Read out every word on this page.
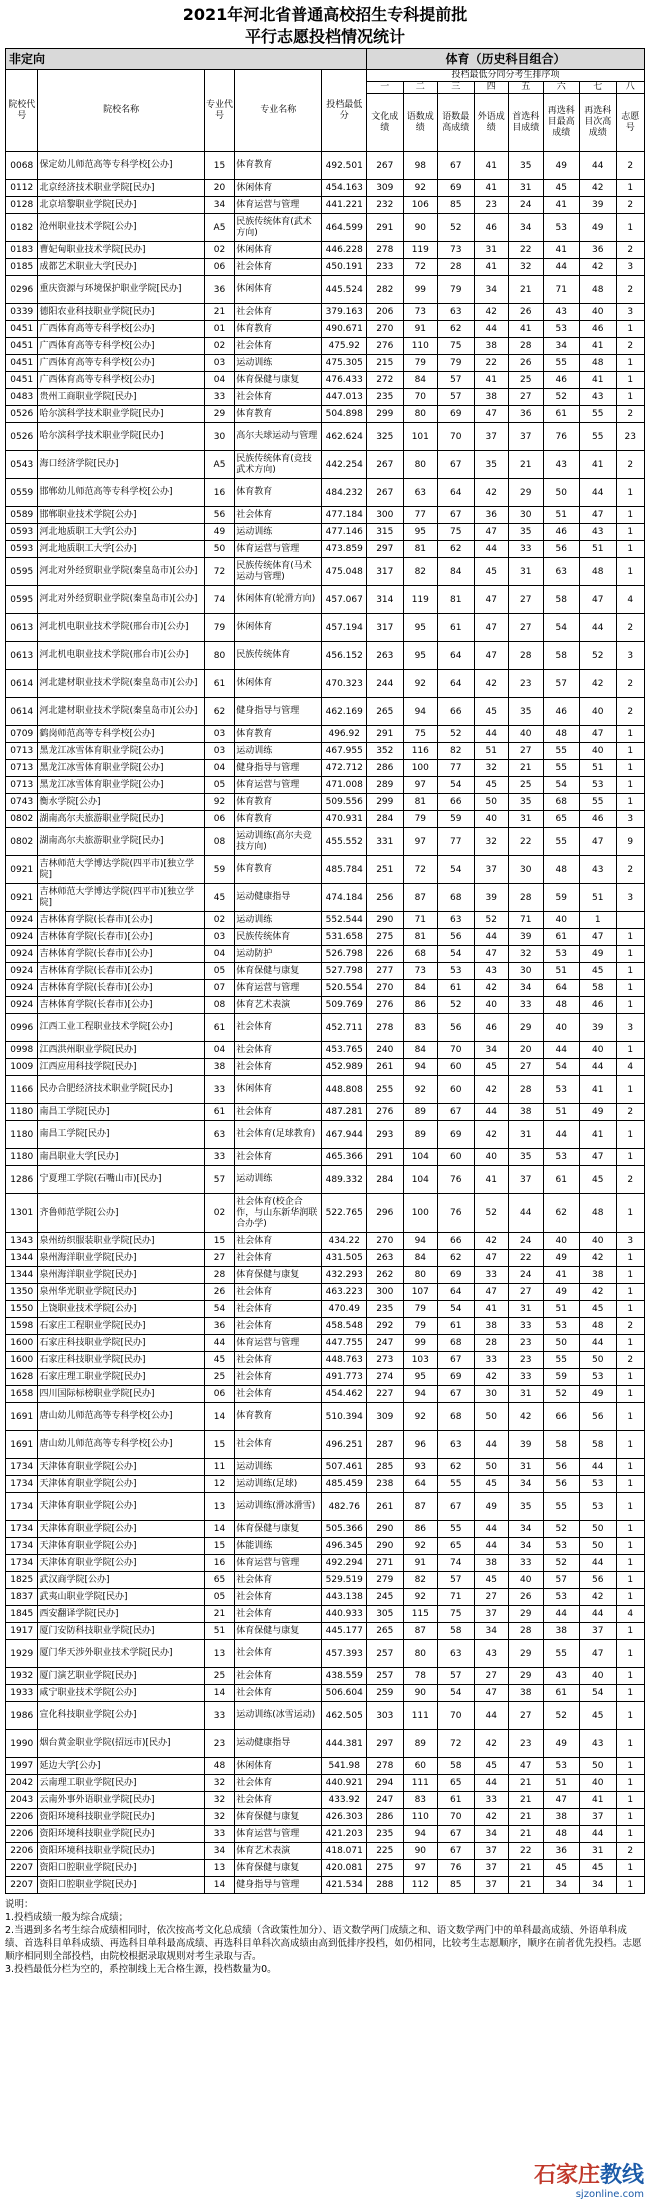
2021年河北省普通高校招生专科提前批
平行志愿投档情况统计
非定向					体育（历史科目组合）							
院校代号	院校名称	专业代号	专业名称	投档最低分	投档最低分同分考生排序项							
					一	二	三	四	五	六	七	八
					文化成绩	语数成绩	语数最高成绩	外语成绩	首选科目成绩	再选科目最高成绩	再选科目次高成绩	志愿号
0068	保定幼儿师范高等专科学校[公办]	15	体育教育	492.501	267	98	67	41	35	49	44	2
0112	北京经济技术职业学院[民办]	20	休闲体育	454.163	309	92	69	41	31	45	42	1
0128	北京培黎职业学院[民办]	34	体育运营与管理	441.221	232	106	85	23	24	41	39	2
0182	沧州职业技术学院[公办]	A5	民族传统体育(武术方向)	464.599	291	90	52	46	34	53	49	1
0183	曹妃甸职业技术学院[民办]	02	休闲体育	446.228	278	119	73	31	22	41	36	2
0185	成都艺术职业大学[民办]	06	社会体育	450.191	233	72	28	41	32	44	42	3
0296	重庆资源与环境保护职业学院[民办]	36	休闲体育	445.524	282	99	79	34	21	71	48	2
0339	德阳农业科技职业学院[民办]	21	社会体育	379.163	206	73	63	42	26	43	40	3
0451	广西体育高等专科学校[公办]	01	体育教育	490.671	270	91	62	44	41	53	46	1
0451	广西体育高等专科学校[公办]	02	社会体育	475.92	276	110	75	38	28	34	41	2
0451	广西体育高等专科学校[公办]	03	运动训练	475.305	215	79	79	22	26	55	48	1
0451	广西体育高等专科学校[公办]	04	体育保健与康复	476.433	272	84	57	41	25	46	41	1
0483	贵州工商职业学院[民办]	33	社会体育	447.013	235	70	57	38	27	52	43	1
0526	哈尔滨科学技术职业学院[民办]	29	体育教育	504.898	299	80	69	47	36	61	55	2
0526	哈尔滨科学技术职业学院[民办]	30	高尔夫球运动与管理	462.624	325	101	70	37	37	76	55	23
0543	海口经济学院[民办]	A5	民族传统体育(竞技武术方向)	442.254	267	80	67	35	21	43	41	2
0559	邯郸幼儿师范高等专科学校[公办]	16	体育教育	484.232	267	63	64	42	29	50	44	1
0589	邯郸职业技术学院[公办]	56	社会体育	477.184	300	77	67	36	30	51	47	1
0593	河北地质职工大学[公办]	49	运动训练	477.146	315	95	75	47	35	46	43	1
0593	河北地质职工大学[公办]	50	体育运营与管理	473.859	297	81	62	44	33	56	51	1
0595	河北对外经贸职业学院(秦皇岛市)[公办]	72	民族传统体育(马术运动与管理)	475.048	317	82	84	45	31	63	48	1
0595	河北对外经贸职业学院(秦皇岛市)[公办]	74	休闲体育(轮滑方向)	457.067	314	119	81	47	27	58	47	4
0613	河北机电职业技术学院(邢台市)[公办]	79	休闲体育	457.194	317	95	61	47	27	54	44	2
0613	河北机电职业技术学院(邢台市)[公办]	80	民族传统体育	456.152	263	95	64	47	28	58	52	3
0614	河北建材职业技术学院(秦皇岛市)[公办]	61	休闲体育	470.323	244	92	64	42	23	57	42	2
0614	河北建材职业技术学院(秦皇岛市)[公办]	62	健身指导与管理	462.169	265	94	66	45	35	46	40	2
0709	鹤岗师范高等专科学校[公办]	03	体育教育	496.92	291	75	52	44	40	48	47	1
0713	黑龙江冰雪体育职业学院[公办]	03	运动训练	467.955	352	116	82	51	27	55	40	1
0713	黑龙江冰雪体育职业学院[公办]	04	健身指导与管理	472.712	286	100	77	32	21	55	51	1
0713	黑龙江冰雪体育职业学院[公办]	05	体育运营与管理	471.008	289	97	54	45	25	54	53	1
0743	衡水学院[公办]	92	体育教育	509.556	299	81	66	50	35	68	55	1
0802	湖南高尔夫旅游职业学院[民办]	06	体育教育	470.931	284	79	59	40	31	65	46	3
0802	湖南高尔夫旅游职业学院[民办]	08	运动训练(高尔夫竞技方向)	455.552	331	97	77	32	22	55	47	9
0921	吉林师范大学博达学院(四平市)[独立学院]	59	体育教育	485.784	251	72	54	37	30	48	43	2
0921	吉林师范大学博达学院(四平市)[独立学院]	45	运动健康指导	474.184	256	87	68	39	28	59	51	3
0924	吉林体育学院(长春市)[公办]	02	运动训练	552.544	290	71	63	52	71	40	1	
0924	吉林体育学院(长春市)[公办]	03	民族传统体育	531.658	275	81	56	44	39	61	47	1
0924	吉林体育学院(长春市)[公办]	04	运动防护	526.798	226	68	54	47	32	53	49	1
0924	吉林体育学院(长春市)[公办]	05	体育保健与康复	527.798	277	73	53	43	30	51	45	1
0924	吉林体育学院(长春市)[公办]	07	体育运营与管理	520.554	270	84	61	42	34	64	58	1
0924	吉林体育学院(长春市)[公办]	08	体育艺术表演	509.769	276	86	52	40	33	48	46	1
0996	江西工业工程职业技术学院[公办]	61	社会体育	452.711	278	83	56	46	29	40	39	3
0998	江西洪州职业学院[民办]	04	社会体育	453.765	240	84	70	34	20	44	40	1
1009	江西应用科技学院[民办]	38	社会体育	452.989	261	94	60	45	27	54	44	4
1166	民办合肥经济技术职业学院[民办]	33	休闲体育	448.808	255	92	60	42	28	53	41	1
1180	南昌工学院[民办]	61	社会体育	487.281	276	89	67	44	38	51	49	2
1180	南昌工学院[民办]	63	社会体育(足球教育)	467.944	293	89	69	42	31	44	41	1
1180	南昌职业大学[民办]	33	社会体育	465.366	291	104	60	40	35	53	47	1
1286	宁夏理工学院(石嘴山市)[民办]	57	运动训练	489.332	284	104	76	41	37	61	45	2
1301	齐鲁师范学院[公办]	02	社会体育(校企合作，与山东新华润联合办学)	522.765	296	100	76	52	44	62	48	1
1343	泉州纺织服装职业学院[民办]	15	社会体育	434.22	270	94	66	42	24	40	40	3
1344	泉州海洋职业学院[民办]	27	社会体育	431.505	263	84	62	47	22	49	42	1
1344	泉州海洋职业学院[民办]	28	体育保健与康复	432.293	262	80	69	33	24	41	38	1
1350	泉州华光职业学院[民办]	26	社会体育	463.223	300	107	64	47	27	49	42	1
1550	上饶职业技术学院[公办]	54	社会体育	470.49	235	79	54	41	31	51	45	1
1598	石家庄工程职业学院[民办]	36	社会体育	458.548	292	79	61	38	33	53	48	2
1600	石家庄科技职业学院[民办]	44	体育运营与管理	447.755	247	99	68	28	23	50	44	1
1600	石家庄科技职业学院[民办]	45	社会体育	448.763	273	103	67	33	23	55	50	2
1628	石家庄理工职业学院[民办]	25	社会体育	491.773	274	95	69	42	33	59	53	1
1658	四川国际标榜职业学院[民办]	06	社会体育	454.462	227	94	67	30	31	52	49	1
1691	唐山幼儿师范高等专科学校[公办]	14	体育教育	510.394	309	92	68	50	42	66	56	1
1691	唐山幼儿师范高等专科学校[公办]	15	社会体育	496.251	287	96	63	44	39	58	58	1
1734	天津体育职业学院[公办]	11	运动训练	507.461	285	93	62	50	31	56	44	1
1734	天津体育职业学院[公办]	12	运动训练(足球)	485.459	238	64	55	45	34	56	53	1
1734	天津体育职业学院[公办]	13	运动训练(滑冰滑雪)	482.76	261	87	67	49	35	55	53	1
1734	天津体育职业学院[公办]	14	体育保健与康复	505.366	290	86	55	44	34	52	50	1
1734	天津体育职业学院[公办]	15	体能训练	496.345	290	92	65	44	34	53	50	1
1734	天津体育职业学院[公办]	16	体育运营与管理	492.294	271	91	74	38	33	52	44	1
1825	武汉商学院[公办]	65	社会体育	529.519	279	82	57	45	40	57	56	1
1837	武夷山职业学院[民办]	05	社会体育	443.138	245	92	71	27	26	53	42	1
1845	西安翻译学院[民办]	21	社会体育	440.933	305	115	75	37	29	44	44	4
1917	厦门安防科技职业学院[民办]	51	体育保健与康复	445.177	265	87	58	34	28	38	37	1
1929	厦门华天涉外职业技术学院[民办]	13	社会体育	457.393	257	80	63	43	29	55	47	1
1932	厦门演艺职业学院[民办]	25	社会体育	438.559	257	78	57	27	29	43	40	1
1933	咸宁职业技术学院[公办]	14	社会体育	506.604	259	90	54	47	38	61	54	1
1986	宣化科技职业学院[公办]	33	运动训练(冰雪运动)	462.505	303	111	70	44	27	52	45	1
1990	烟台黄金职业学院(招远市)[民办]	23	运动健康指导	444.381	297	89	72	42	23	49	43	1
1997	延边大学[公办]	48	休闲体育	541.98	278	60	58	45	47	53	50	1
2042	云南理工职业学院[民办]	32	社会体育	440.921	294	111	65	44	21	51	40	1
2043	云南外事外语职业学院[民办]	32	社会体育	433.92	247	83	61	33	21	47	41	1
2206	资阳环境科技职业学院[民办]	32	体育保健与康复	426.303	286	110	70	42	21	38	37	1
2206	资阳环境科技职业学院[民办]	33	体育运营与管理	421.203	235	94	67	34	21	48	44	1
2206	资阳环境科技职业学院[民办]	34	体育艺术表演	418.071	225	90	67	37	22	36	31	2
2207	资阳口腔职业学院[民办]	13	体育保健与康复	420.081	275	97	76	37	21	45	45	1
2207	资阳口腔职业学院[民办]	14	健身指导与管理	421.534	288	112	85	37	21	34	34	1
说明：
1.投档成绩一般为综合成绩；
2.当遇到多名考生综合成绩相同时，依次按高考文化总成绩（含政策性加分）、语文数学两门成绩之和、语文数学两门中的单科最高成绩、外语单科成绩、首选科目单科成绩、再选科目单科最高成绩、再选科目单科次高成绩由高到低排序投档，如仍相同，比较考生志愿顺序，顺序在前者优先投档。志愿顺序相同则全部投档，由院校根据录取规则对考生录取与否。
3.投档最低分栏为空的，系控制线上无合格生源，投档数量为0。
石家庄教线
sjzonline.com
